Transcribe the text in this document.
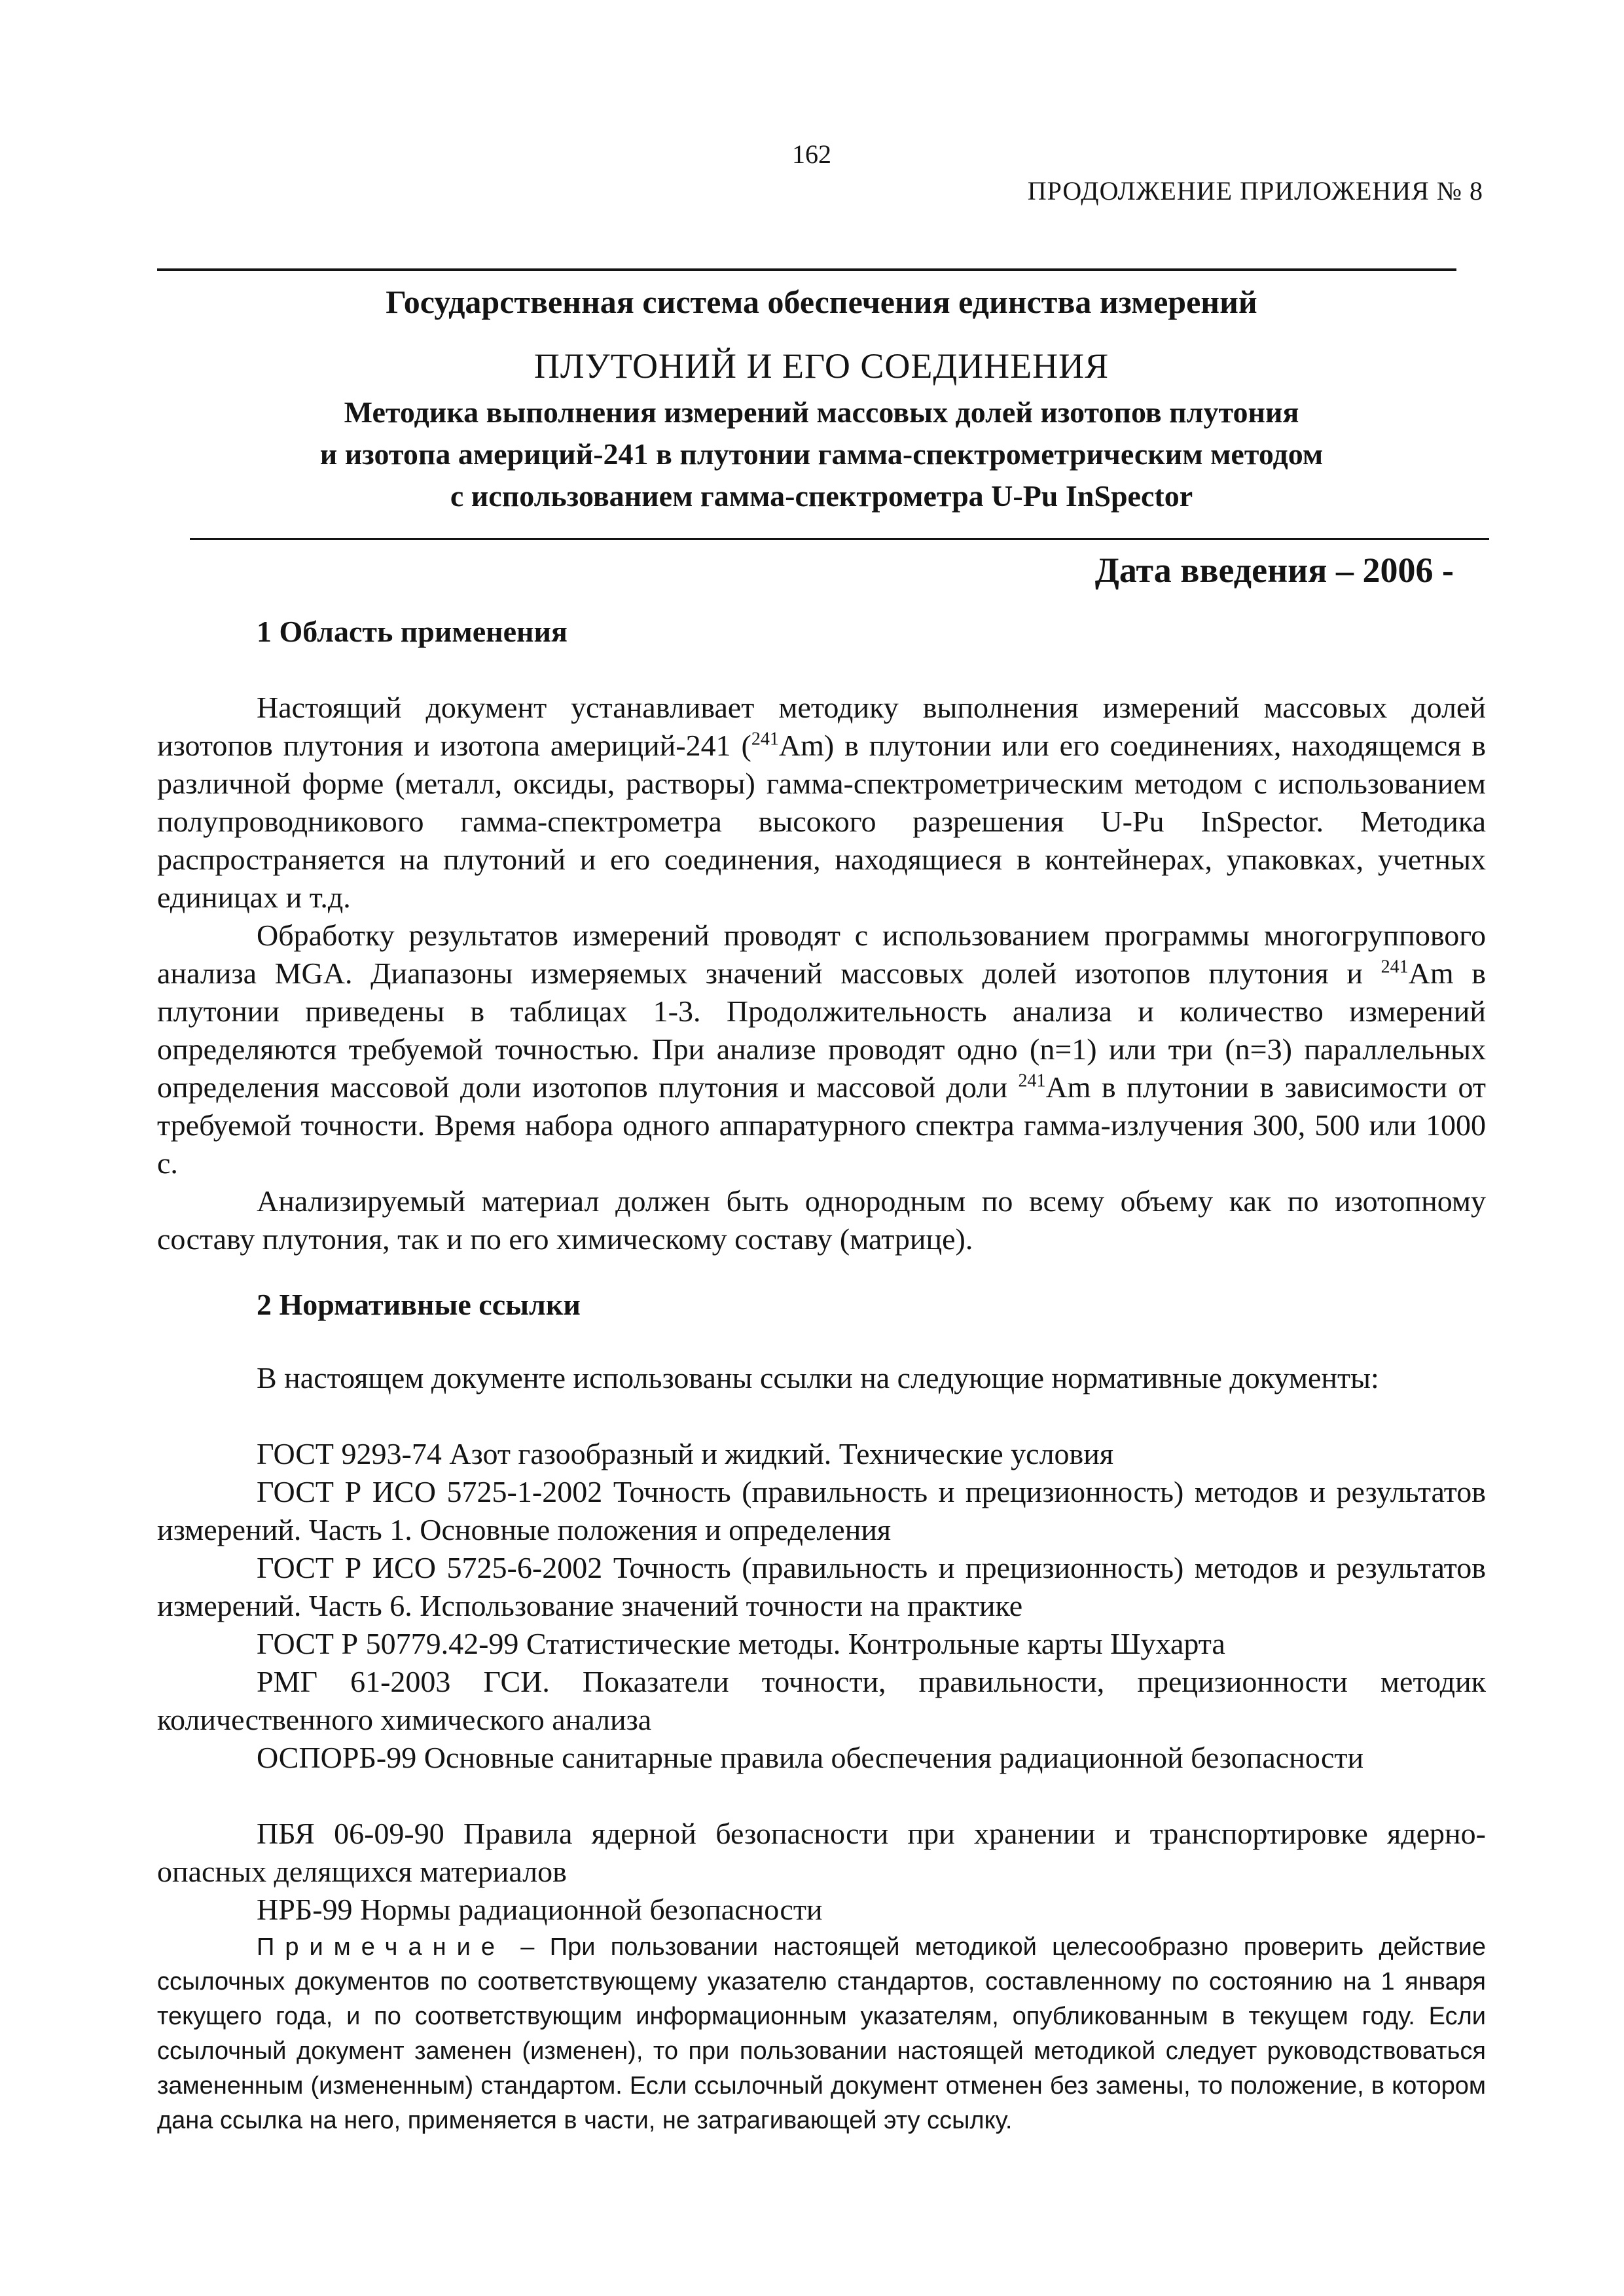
162
ПРОДОЛЖЕНИЕ ПРИЛОЖЕНИЯ № 8
Государственная система обеспечения единства измерений
ПЛУТОНИЙ И ЕГО СОЕДИНЕНИЯ
Методика выполнения измерений массовых долей изотопов плутония
и изотопа америций-241 в плутонии гамма-спектрометрическим методом
с использованием гамма-спектрометра U-Pu InSpector
Дата введения – 2006 -
1 Область применения

Настоящий документ устанавливает методику выполнения измерений массовых долей изотопов плутония и изотопа америций-241 ($^{241}$Am) в плутонии или его соединениях, находящемся в различной форме (металл, оксиды, растворы) гамма-спектрометрическим методом с использованием полупроводникового гамма-спектрометра высокого разрешения U-Pu InSpector. Методика распространяется на плутоний и его соединения, находящиеся в контейнерах, упаковках, учетных единицах и т.д.

Обработку результатов измерений проводят с использованием программы многогруппового анализа MGA. Диапазоны измеряемых значений массовых долей изотопов плутония и $^{241}$Am в плутонии приведены в таблицах 1-3. Продолжительность анализа и количество измерений определяются требуемой точностью. При анализе проводят одно (n=1) или три (n=3) параллельных определения массовой доли изотопов плутония и массовой доли $^{241}$Am в плутонии в зависимости от требуемой точности. Время набора одного аппаратурного спектра гамма-излучения 300, 500 или 1000 с.

Анализируемый материал должен быть однородным по всему объему как по изотопному составу плутония, так и по его химическому составу (матрице).

2 Нормативные ссылки

В настоящем документе использованы ссылки на следующие нормативные документы:

ГОСТ 9293-74 Азот газообразный и жидкий. Технические условия

ГОСТ Р ИСО 5725-1-2002 Точность (правильность и прецизионность) методов и результатов измерений. Часть 1. Основные положения и определения

ГОСТ Р ИСО 5725-6-2002 Точность (правильность и прецизионность) методов и результатов измерений. Часть 6. Использование значений точности на практике

ГОСТ Р 50779.42-99 Статистические методы. Контрольные карты Шухарта

РМГ 61-2003 ГСИ. Показатели точности, правильности, прецизионности методик количественного химического анализа

ОСПОРБ-99 Основные санитарные правила обеспечения радиационной безопасности

ПБЯ 06-09-90 Правила ядерной безопасности при хранении и транспортировке ядерно-опасных делящихся материалов

НРБ-99 Нормы радиационной безопасности

Примечание – При пользовании настоящей методикой целесообразно проверить действие ссылочных документов по соответствующему указателю стандартов, составленному по состоянию на 1 января текущего года, и по соответствующим информационным указателям, опубликованным в текущем году. Если ссылочный документ заменен (изменен), то при пользовании настоящей методикой следует руководствоваться замененным (измененным) стандартом. Если ссылочный документ отменен без замены, то положение, в котором дана ссылка на него, применяется в части, не затрагивающей эту ссылку.
